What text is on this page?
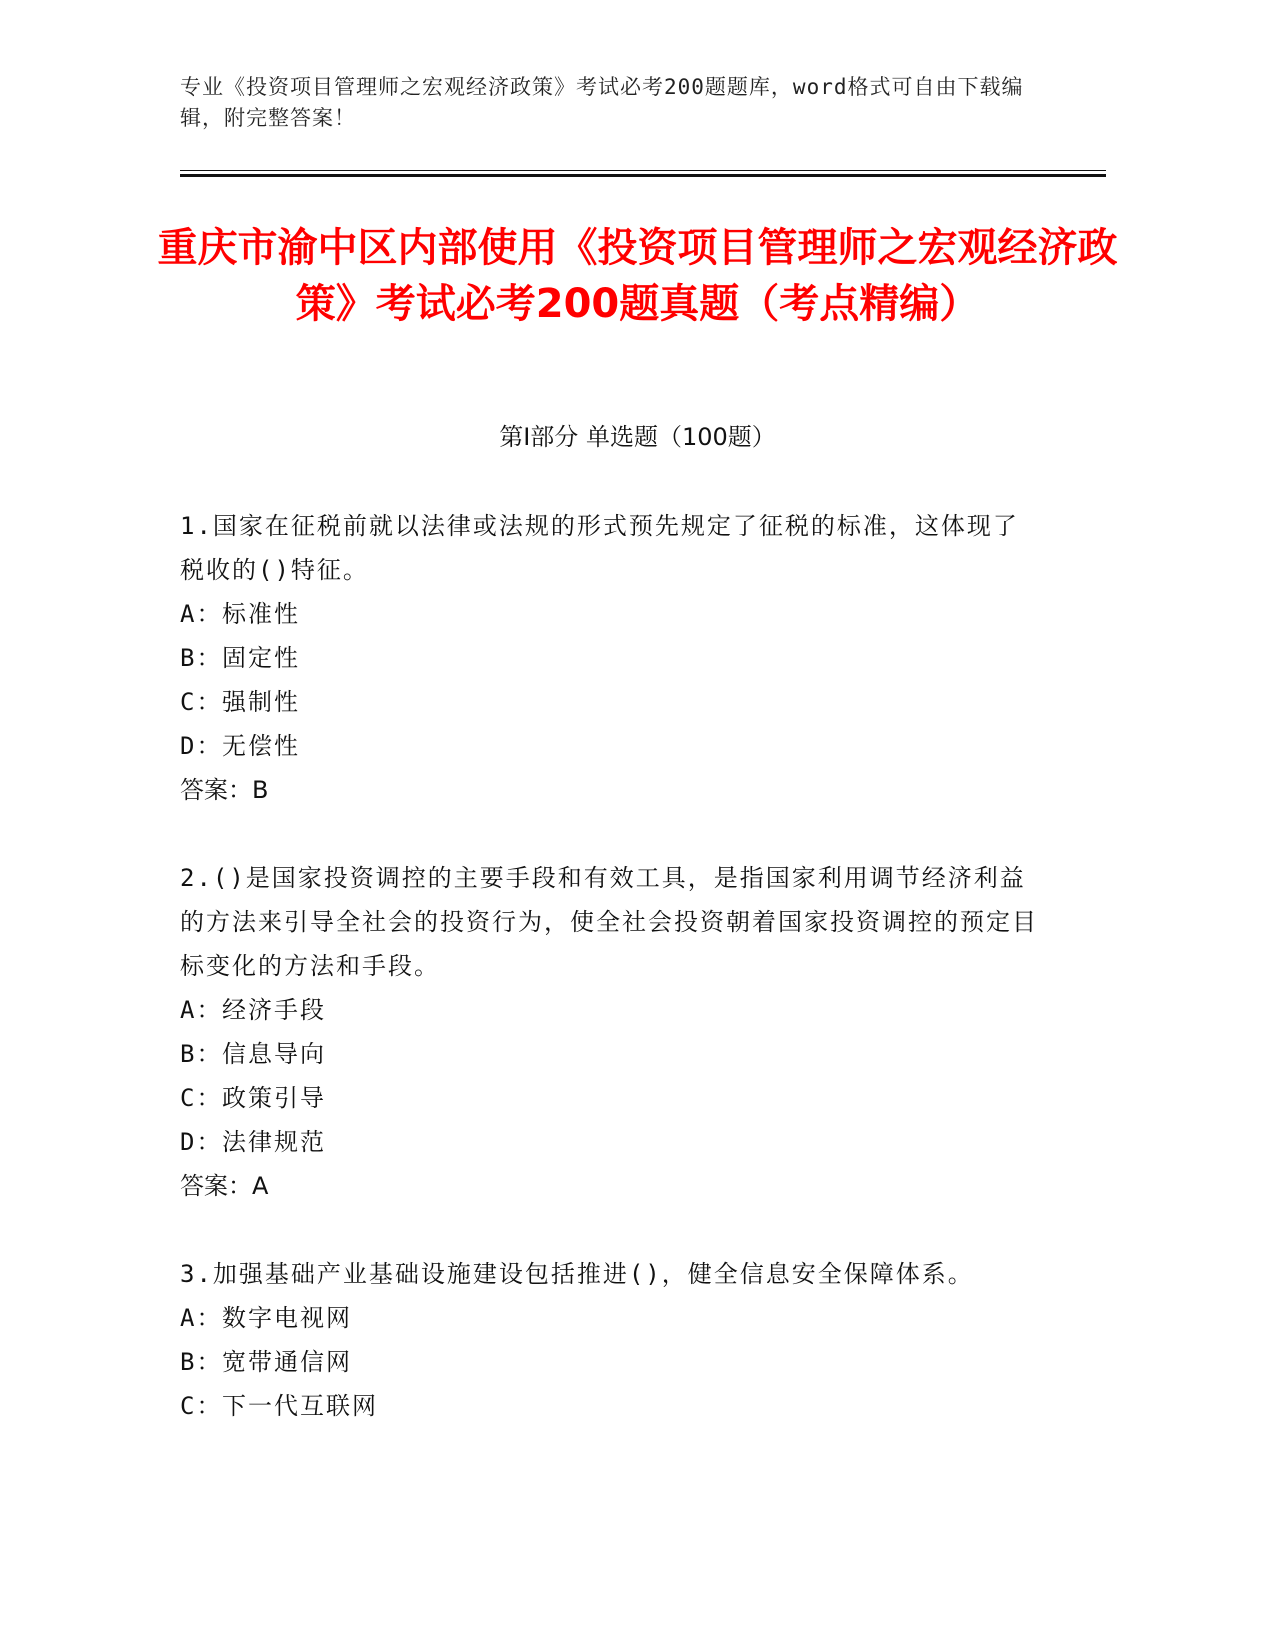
专业《投资项目管理师之宏观经济政策》考试必考200题题库，word格式可自由下载编辑，附完整答案！
重庆市渝中区内部使用《投资项目管理师之宏观经济政策》考试必考200题真题（考点精编）
第I部分 单选题（100题）

1.国家在征税前就以法律或法规的形式预先规定了征税的标准，这体现了税收的()特征。

A：标准性

B：固定性

C：强制性

D：无偿性

答案：B

2.()是国家投资调控的主要手段和有效工具，是指国家利用调节经济利益的方法来引导全社会的投资行为，使全社会投资朝着国家投资调控的预定目标变化的方法和手段。

A：经济手段

B：信息导向

C：政策引导

D：法律规范

答案：A

3.加强基础产业基础设施建设包括推进()，健全信息安全保障体系。

A：数字电视网

B：宽带通信网

C：下一代互联网
